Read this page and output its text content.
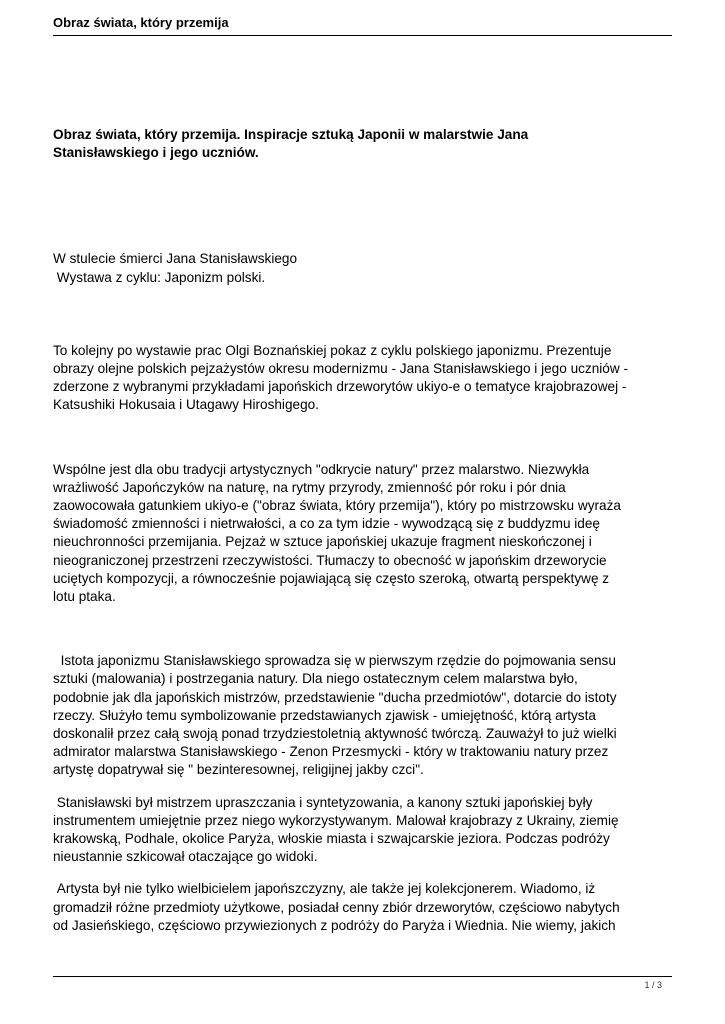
Obraz świata, który przemija

Obraz świata, który przemija. Inspiracje sztuką Japonii w malarstwie Jana
Stanisławskiego i jego uczniów.

W stulecie śmierci Jana Stanisławskiego
Wystawa z cyklu: Japonizm polski.

To kolejny po wystawie prac Olgi Boznańskiej pokaz z cyklu polskiego japonizmu. Prezentuje
obrazy olejne polskich pejzażystów okresu modernizmu - Jana Stanisławskiego i jego uczniów -
zderzone z wybranymi przykładami japońskich drzeworytów ukiyo-e o tematyce krajobrazowej -
Katsushiki Hokusaia i Utagawy Hiroshigego.

Wspólne jest dla obu tradycji artystycznych "odkrycie natury" przez malarstwo. Niezwykła
wrażliwość Japończyków na naturę, na rytmy przyrody, zmienność pór roku i pór dnia
zaowocowała gatunkiem ukiyo-e ("obraz świata, który przemija"), który po mistrzowsku wyraża
świadomość zmienności i nietrwałości, a co za tym idzie - wywodzącą się z buddyzmu ideę
nieuchronności przemijania. Pejzaż w sztuce japońskiej ukazuje fragment nieskończonej i
nieograniczonej przestrzeni rzeczywistości. Tłumaczy to obecność w japońskim drzeworycie
uciętych kompozycji, a równocześnie pojawiającą się często szeroką, otwartą perspektywę z
lotu ptaka.

Istota japonizmu Stanisławskiego sprowadza się w pierwszym rzędzie do pojmowania sensu
sztuki (malowania) i postrzegania natury. Dla niego ostatecznym celem malarstwa było,
podobnie jak dla japońskich mistrzów, przedstawienie "ducha przedmiotów", dotarcie do istoty
rzeczy. Służyło temu symbolizowanie przedstawianych zjawisk - umiejętność, którą artysta
doskonalił przez całą swoją ponad trzydziestoletnią aktywność twórczą. Zauważył to już wielki
admirator malarstwa Stanisławskiego - Zenon Przesmycki - który w traktowaniu natury przez
artystę dopatrywał się " bezinteresownej, religijnej jakby czci".

Stanisławski był mistrzem upraszczania i syntetyzowania, a kanony sztuki japońskiej były
instrumentem umiejętnie przez niego wykorzystywanym. Malował krajobrazy z Ukrainy, ziemię
krakowską, Podhale, okolice Paryża, włoskie miasta i szwajcarskie jeziora. Podczas podróży
nieustannie szkicował otaczające go widoki.

Artysta był nie tylko wielbicielem japońszczyzny, ale także jej kolekcjonerem. Wiadomo, iż
gromadził różne przedmioty użytkowe, posiadał cenny zbiór drzeworytów, częściowo nabytych
od Jasieńskiego, częściowo przywiezionych z podróży do Paryża i Wiednia. Nie wiemy, jakich

1 / 3
